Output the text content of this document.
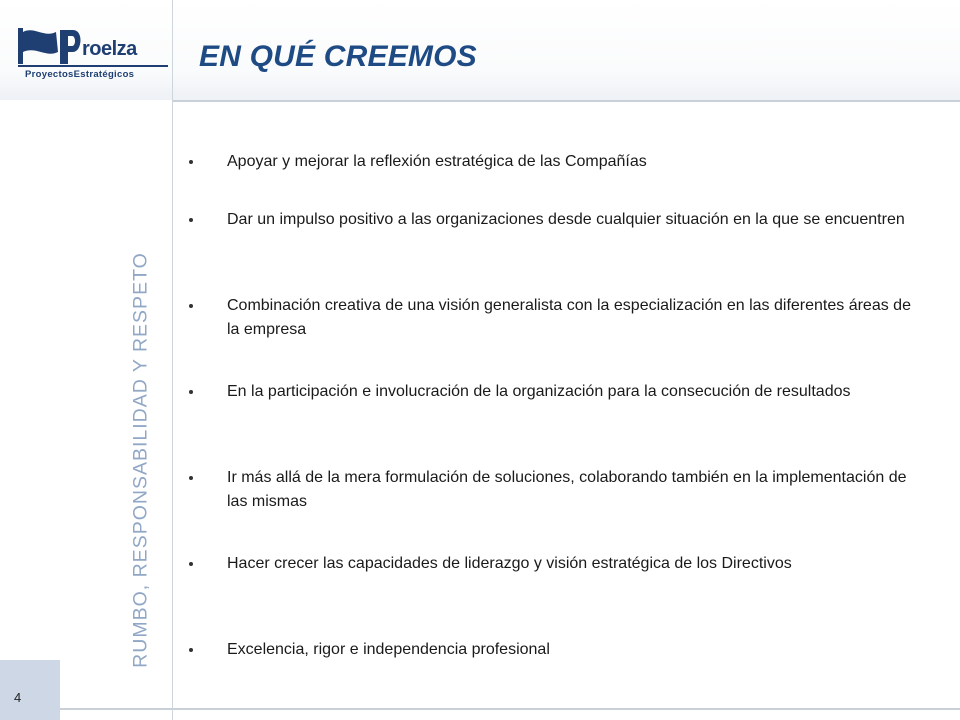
roelza
ProyectosEstratégicos
EN QUÉ CREEMOS
RUMBO, RESPONSABILIDAD Y RESPETO
4
Apoyar y mejorar la reflexión estratégica de las Compañías
Dar un impulso positivo a las organizaciones desde cualquier situación en la que se encuentren
Combinación creativa de una visión generalista con la especialización en las diferentes áreas de la empresa
En la participación e involucración de la organización para la consecución de resultados
Ir más allá de la mera formulación de soluciones, colaborando también en la implementación de las mismas
Hacer crecer las capacidades de liderazgo y visión estratégica de los Directivos
Excelencia, rigor e independencia profesional
